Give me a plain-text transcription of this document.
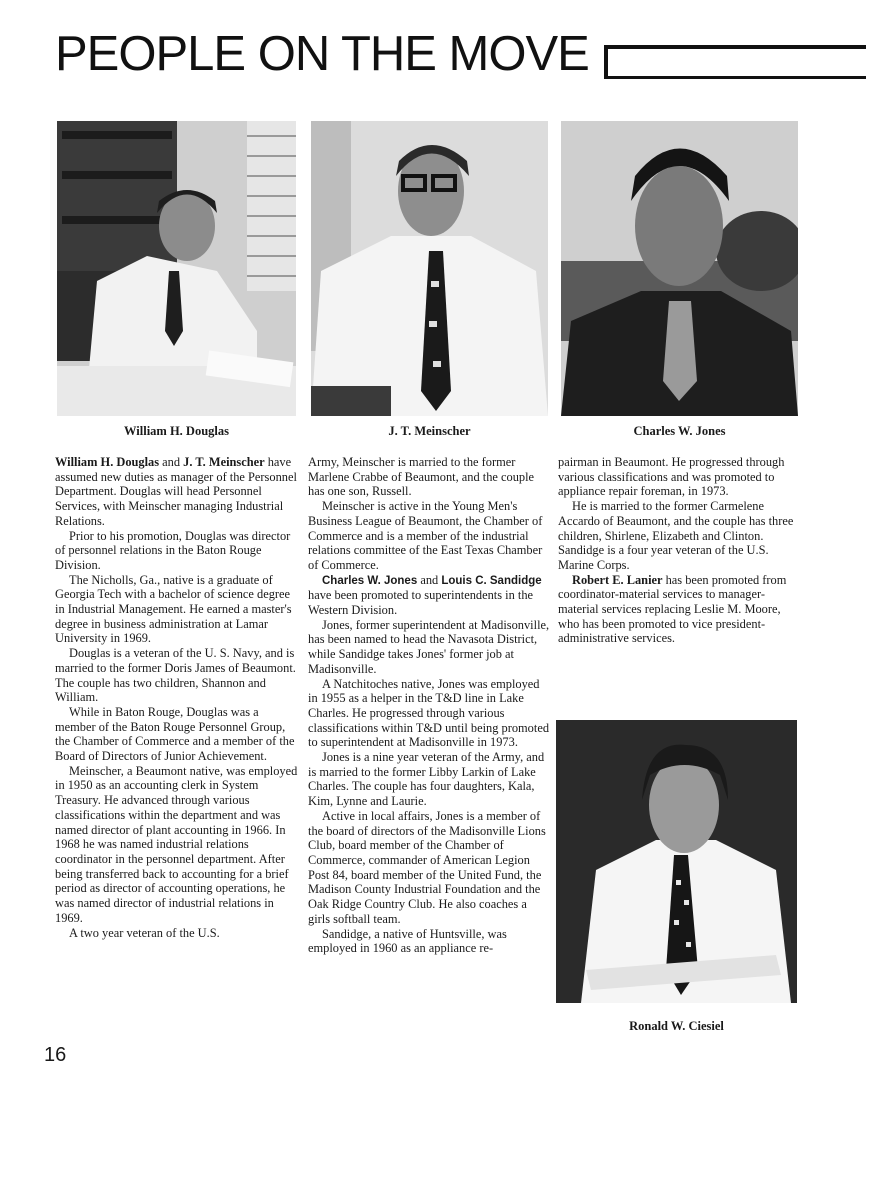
PEOPLE ON THE MOVE
William H. Douglas	J. T. Meinscher	Charles W. Jones
Ronald W. Ciesiel

William H. Douglas and J. T. Meinscher have assumed new duties as manager of the Personnel Department. Douglas will head Personnel Services, with Meinscher managing Industrial Relations.

Prior to his promotion, Douglas was director of personnel relations in the Baton Rouge Division.

The Nicholls, Ga., native is a graduate of Georgia Tech with a bachelor of science degree in Industrial Management. He earned a master's degree in business administration at Lamar University in 1969.

Douglas is a veteran of the U. S. Navy, and is married to the former Doris James of Beaumont. The couple has two children, Shannon and William.

While in Baton Rouge, Douglas was a member of the Baton Rouge Personnel Group, the Chamber of Commerce and a member of the Board of Directors of Junior Achievement.

Meinscher, a Beaumont native, was employed in 1950 as an accounting clerk in System Treasury. He advanced through various classifications within the department and was named director of plant accounting in 1966. In 1968 he was named industrial relations coordinator in the personnel department. After being transferred back to accounting for a brief period as director of accounting operations, he was named director of industrial relations in 1969.

A two year veteran of the U.S.

Army, Meinscher is married to the former Marlene Crabbe of Beaumont, and the couple has one son, Russell.

Meinscher is active in the Young Men's Business League of Beaumont, the Chamber of Commerce and is a member of the industrial relations committee of the East Texas Chamber of Commerce.

Charles W. Jones and Louis C. Sandidge have been promoted to superintendents in the Western Division.

Jones, former superintendent at Madisonville, has been named to head the Navasota District, while Sandidge takes Jones' former job at Madisonville.

A Natchitoches native, Jones was employed in 1955 as a helper in the T&D line in Lake Charles. He progressed through various classifications within T&D until being promoted to superintendent at Madisonville in 1973.

Jones is a nine year veteran of the Army, and is married to the former Libby Larkin of Lake Charles. The couple has four daughters, Kala, Kim, Lynne and Laurie.

Active in local affairs, Jones is a member of the board of directors of the Madisonville Lions Club, board member of the Chamber of Commerce, commander of American Legion Post 84, board member of the United Fund, the Madison County Industrial Foundation and the Oak Ridge Country Club. He also coaches a girls softball team.

Sandidge, a native of Huntsville, was employed in 1960 as an appliance re-

pairman in Beaumont. He progressed through various classifications and was promoted to appliance repair foreman, in 1973.

He is married to the former Carmelene Accardo of Beaumont, and the couple has three children, Shirlene, Elizabeth and Clinton. Sandidge is a four year veteran of the U.S. Marine Corps.

Robert E. Lanier has been promoted from coordinator-material services to manager-material services replacing Leslie M. Moore, who has been promoted to vice president-administrative services.

16
